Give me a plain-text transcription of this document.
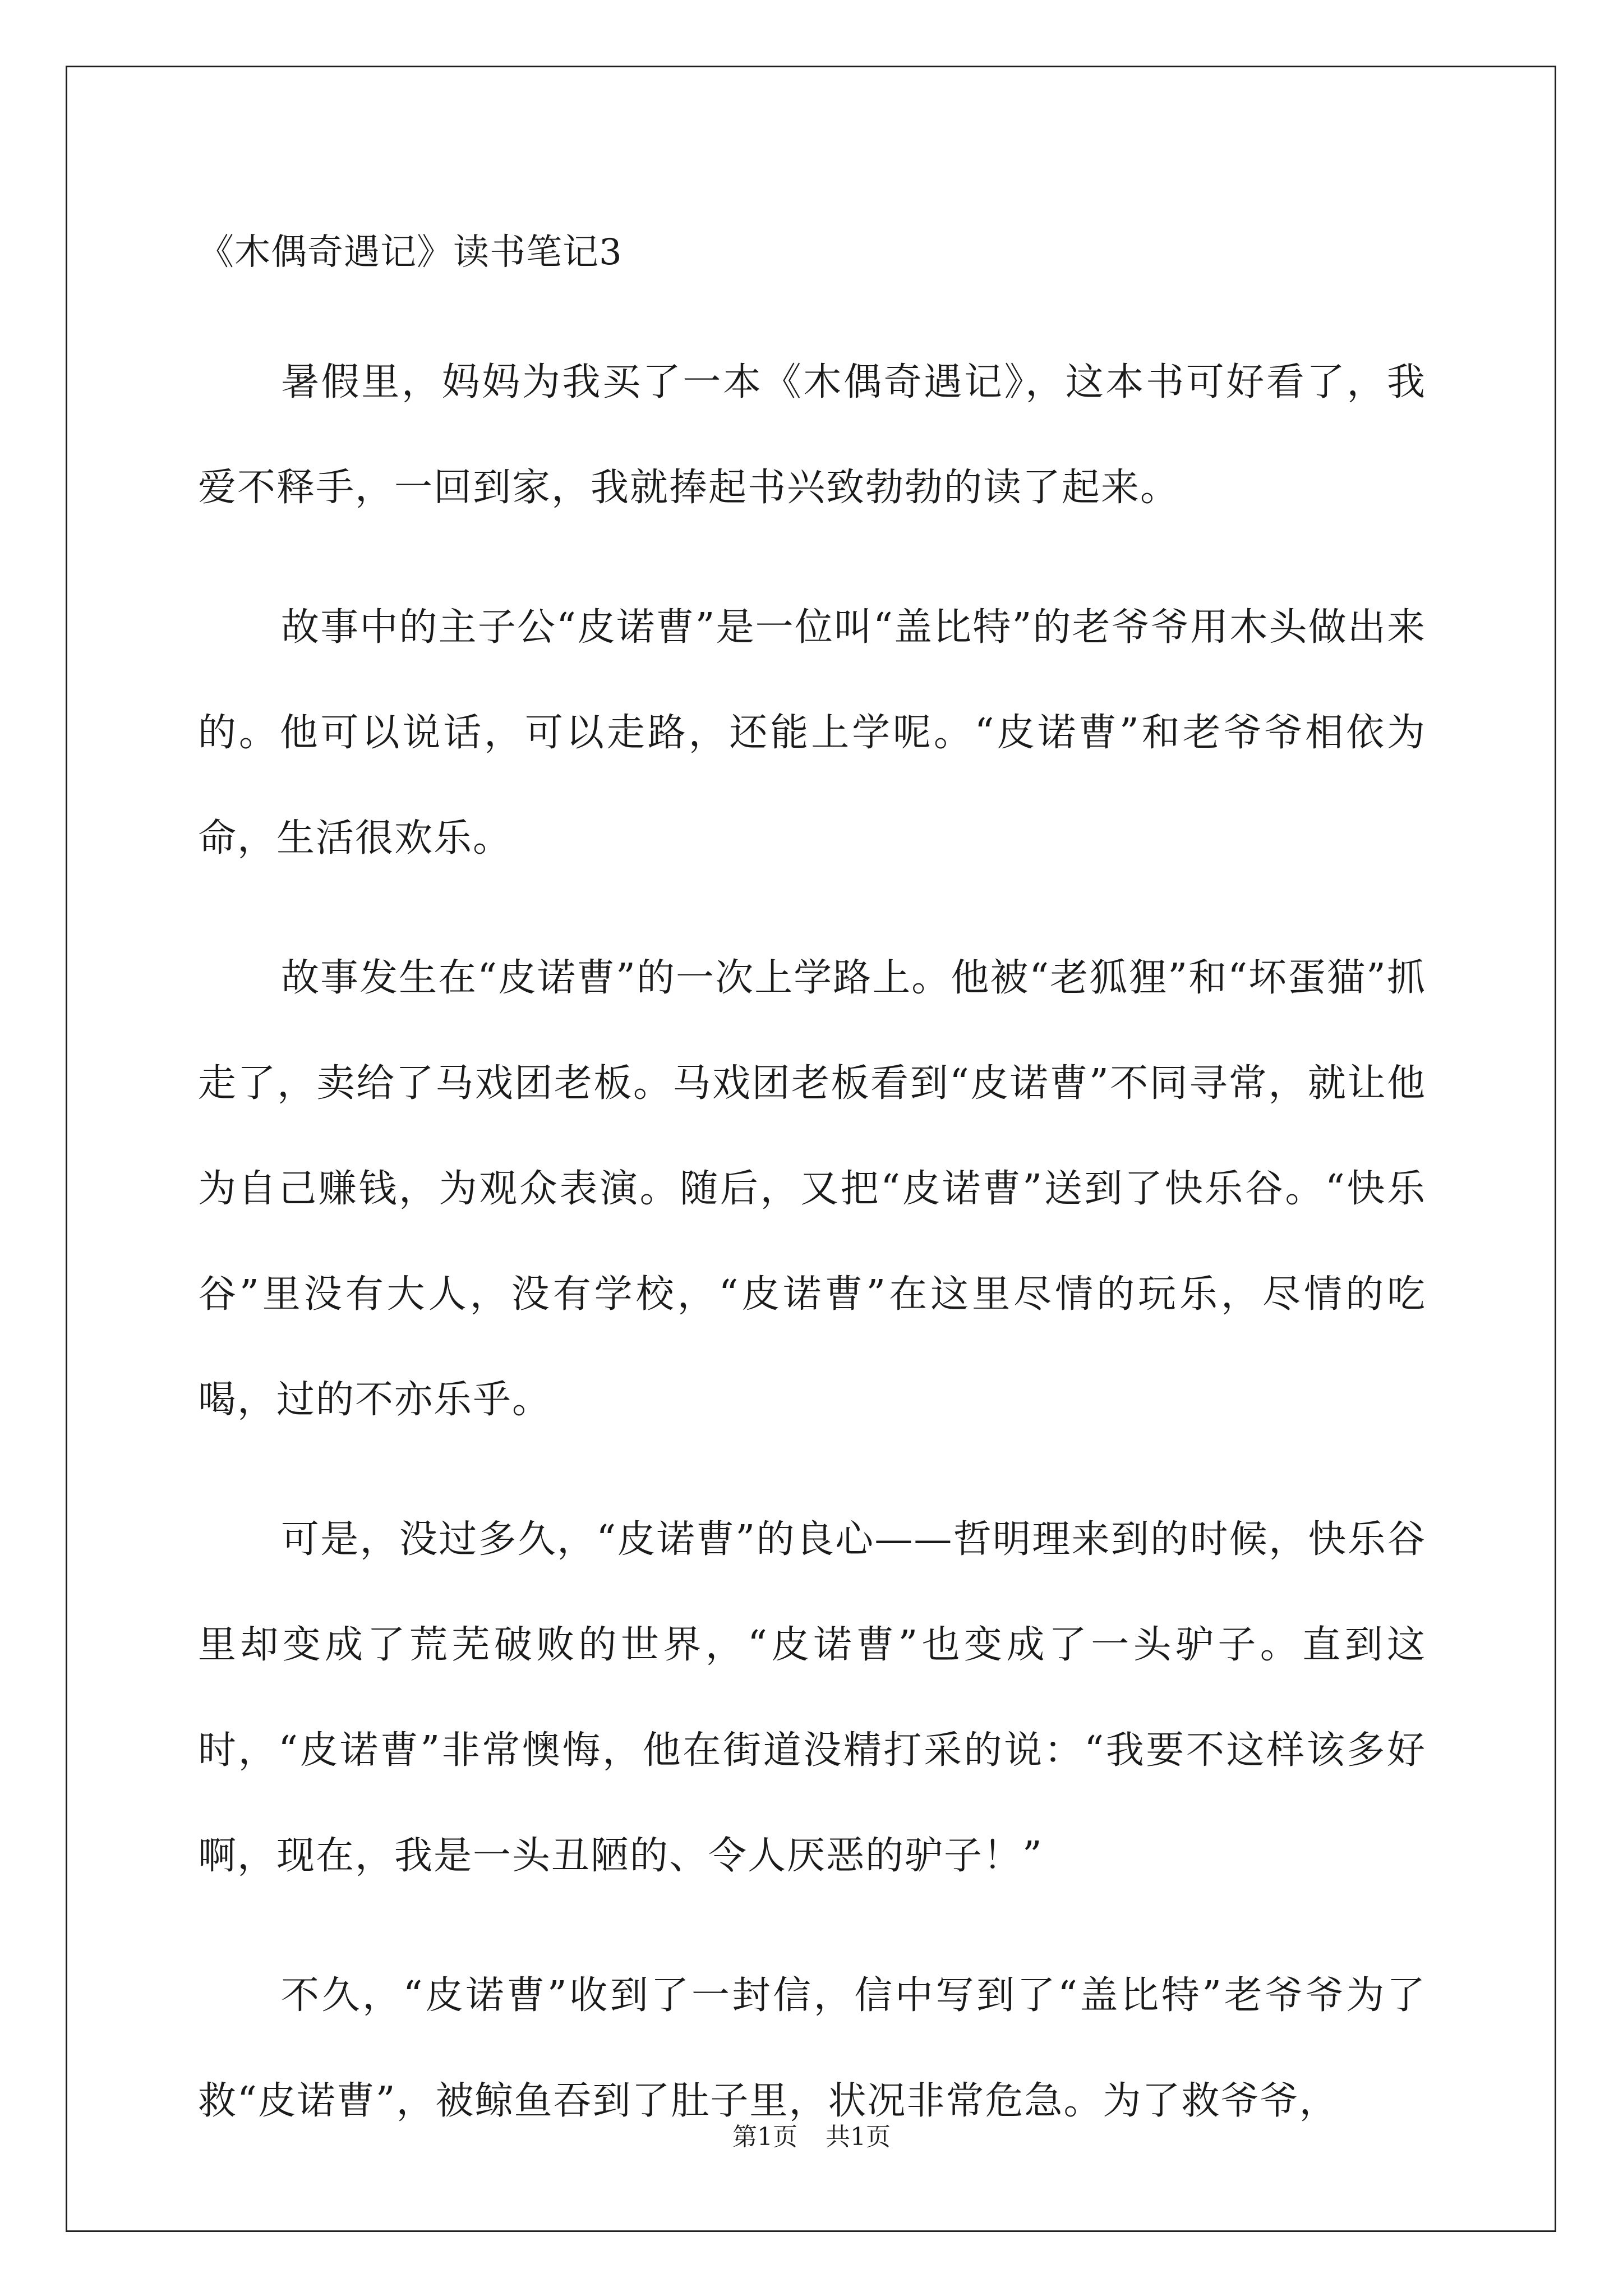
《木偶奇遇记》读书笔记3

暑假里，妈妈为我买了一本《木偶奇遇记》，这本书可好看了，我爱不释手，一回到家，我就捧起书兴致勃勃的读了起来。

故事中的主子公“皮诺曹”是一位叫“盖比特”的老爷爷用木头做出来的。他可以说话，可以走路，还能上学呢。“皮诺曹”和老爷爷相依为命，生活很欢乐。

故事发生在“皮诺曹”的一次上学路上。他被“老狐狸”和“坏蛋猫”抓走了，卖给了马戏团老板。马戏团老板看到“皮诺曹”不同寻常，就让他为自己赚钱，为观众表演。随后，又把“皮诺曹”送到了快乐谷。“快乐谷”里没有大人，没有学校，“皮诺曹”在这里尽情的玩乐，尽情的吃喝，过的不亦乐乎。

可是，没过多久，“皮诺曹”的良心——哲明理来到的时候，快乐谷里却变成了荒芜破败的世界，“皮诺曹”也变成了一头驴子。直到这时，“皮诺曹”非常懊悔，他在街道没精打采的说：“我要不这样该多好啊，现在，我是一头丑陋的、令人厌恶的驴子！”

不久，“皮诺曹”收到了一封信，信中写到了“盖比特”老爷爷为了救“皮诺曹”，被鲸鱼吞到了肚子里，状况非常危急。为了救爷爷，

第1页 共1页
